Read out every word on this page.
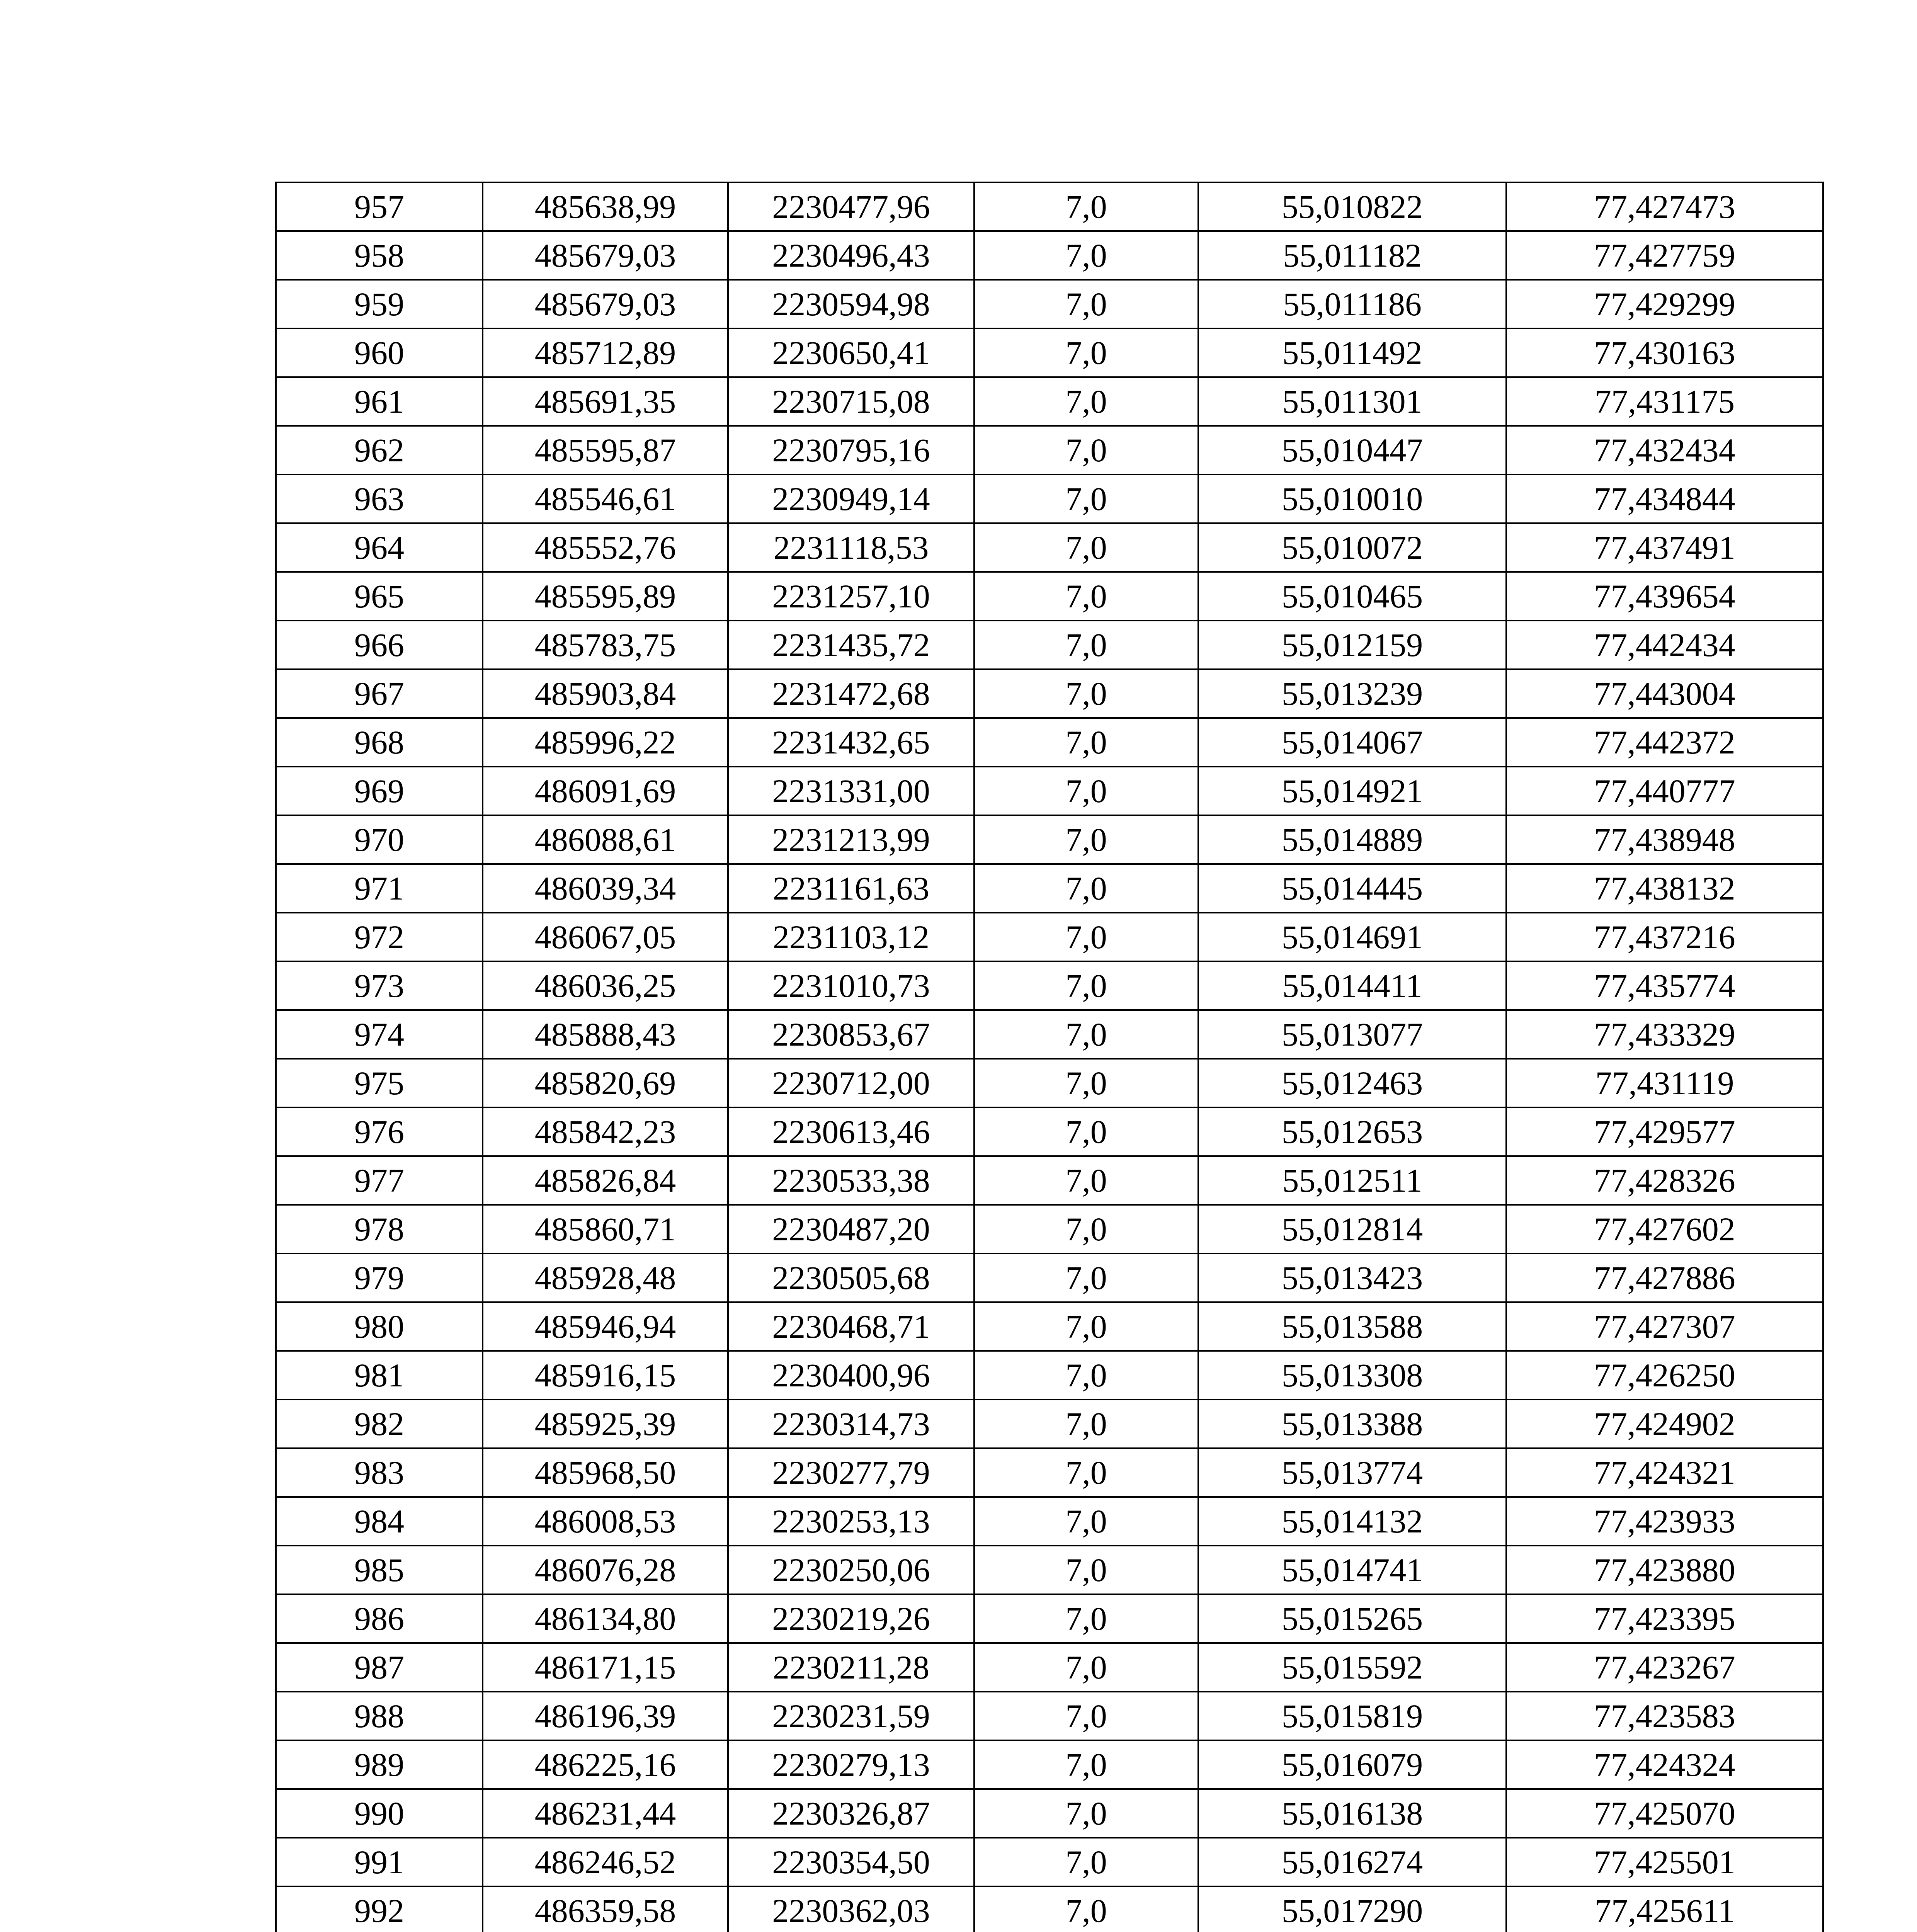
957	485638,99	2230477,96	7,0	55,010822	77,427473
958	485679,03	2230496,43	7,0	55,011182	77,427759
959	485679,03	2230594,98	7,0	55,011186	77,429299
960	485712,89	2230650,41	7,0	55,011492	77,430163
961	485691,35	2230715,08	7,0	55,011301	77,431175
962	485595,87	2230795,16	7,0	55,010447	77,432434
963	485546,61	2230949,14	7,0	55,010010	77,434844
964	485552,76	2231118,53	7,0	55,010072	77,437491
965	485595,89	2231257,10	7,0	55,010465	77,439654
966	485783,75	2231435,72	7,0	55,012159	77,442434
967	485903,84	2231472,68	7,0	55,013239	77,443004
968	485996,22	2231432,65	7,0	55,014067	77,442372
969	486091,69	2231331,00	7,0	55,014921	77,440777
970	486088,61	2231213,99	7,0	55,014889	77,438948
971	486039,34	2231161,63	7,0	55,014445	77,438132
972	486067,05	2231103,12	7,0	55,014691	77,437216
973	486036,25	2231010,73	7,0	55,014411	77,435774
974	485888,43	2230853,67	7,0	55,013077	77,433329
975	485820,69	2230712,00	7,0	55,012463	77,431119
976	485842,23	2230613,46	7,0	55,012653	77,429577
977	485826,84	2230533,38	7,0	55,012511	77,428326
978	485860,71	2230487,20	7,0	55,012814	77,427602
979	485928,48	2230505,68	7,0	55,013423	77,427886
980	485946,94	2230468,71	7,0	55,013588	77,427307
981	485916,15	2230400,96	7,0	55,013308	77,426250
982	485925,39	2230314,73	7,0	55,013388	77,424902
983	485968,50	2230277,79	7,0	55,013774	77,424321
984	486008,53	2230253,13	7,0	55,014132	77,423933
985	486076,28	2230250,06	7,0	55,014741	77,423880
986	486134,80	2230219,26	7,0	55,015265	77,423395
987	486171,15	2230211,28	7,0	55,015592	77,423267
988	486196,39	2230231,59	7,0	55,015819	77,423583
989	486225,16	2230279,13	7,0	55,016079	77,424324
990	486231,44	2230326,87	7,0	55,016138	77,425070
991	486246,52	2230354,50	7,0	55,016274	77,425501
992	486359,58	2230362,03	7,0	55,017290	77,425611
